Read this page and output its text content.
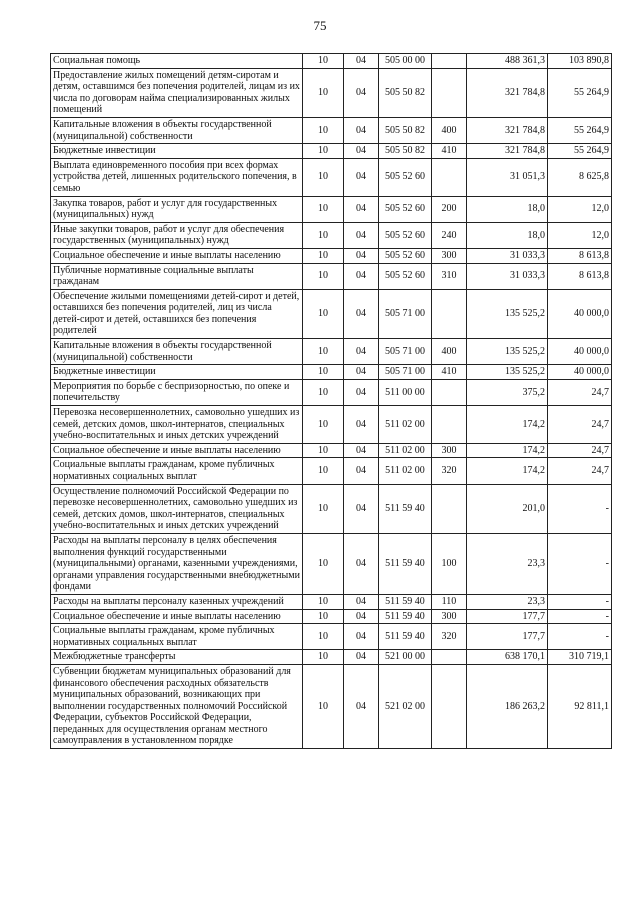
75
Социальная помощь	10	04	505 00 00		488 361,3	103 890,8
Предоставление жилых помещений детям-сиротам и детям, оставшимся без попечения родителей, лицам из их числа по договорам найма специализированных жилых помещений	10	04	505 50 82		321 784,8	55 264,9
Капитальные вложения в объекты государственной (муниципальной) собственности	10	04	505 50 82	400	321 784,8	55 264,9
Бюджетные инвестиции	10	04	505 50 82	410	321 784,8	55 264,9
Выплата единовременного пособия при всех формах устройства детей, лишенных родительского попечения, в семью	10	04	505 52 60		31 051,3	8 625,8
Закупка товаров, работ и услуг для государственных (муниципальных) нужд	10	04	505 52 60	200	18,0	12,0
Иные закупки товаров, работ и услуг для обеспечения государственных (муниципальных) нужд	10	04	505 52 60	240	18,0	12,0
Социальное обеспечение и иные выплаты населению	10	04	505 52 60	300	31 033,3	8 613,8
Публичные нормативные социальные выплаты гражданам	10	04	505 52 60	310	31 033,3	8 613,8
Обеспечение жилыми помещениями детей-сирот и детей, оставшихся без попечения родителей, лиц из числа детей-сирот и детей, оставшихся без попечения родителей	10	04	505 71 00		135 525,2	40 000,0
Капитальные вложения в объекты государственной (муниципальной) собственности	10	04	505 71 00	400	135 525,2	40 000,0
Бюджетные инвестиции	10	04	505 71 00	410	135 525,2	40 000,0
Мероприятия по борьбе с беспризорностью, по опеке и попечительству	10	04	511 00 00		375,2	24,7
Перевозка несовершеннолетних, самовольно ушедших из семей, детских домов, школ-интернатов, специальных учебно-воспитательных и иных детских учреждений	10	04	511 02 00		174,2	24,7
Социальное обеспечение и иные выплаты населению	10	04	511 02 00	300	174,2	24,7
Социальные выплаты гражданам, кроме публичных нормативных социальных выплат	10	04	511 02 00	320	174,2	24,7
Осуществление полномочий Российской Федерации по перевозке несовершеннолетних, самовольно ушедших из семей, детских домов, школ-интернатов, специальных учебно-воспитательных и иных детских учреждений	10	04	511 59 40		201,0	-
Расходы на выплаты персоналу в целях обеспечения выполнения функций государственными (муниципальными) органами, казенными учреждениями, органами управления государственными внебюджетными фондами	10	04	511 59 40	100	23,3	-
Расходы на выплаты персоналу казенных учреждений	10	04	511 59 40	110	23,3	-
Социальное обеспечение и иные выплаты населению	10	04	511 59 40	300	177,7	-
Социальные выплаты гражданам, кроме публичных нормативных социальных выплат	10	04	511 59 40	320	177,7	-
Межбюджетные трансферты	10	04	521 00 00		638 170,1	310 719,1
Субвенции бюджетам муниципальных образований для финансового обеспечения расходных обязательств муниципальных образований, возникающих при выполнении государственных полномочий Российской Федерации, субъектов Российской Федерации, переданных для осуществления органам местного самоуправления в установленном порядке	10	04	521 02 00		186 263,2	92 811,1
